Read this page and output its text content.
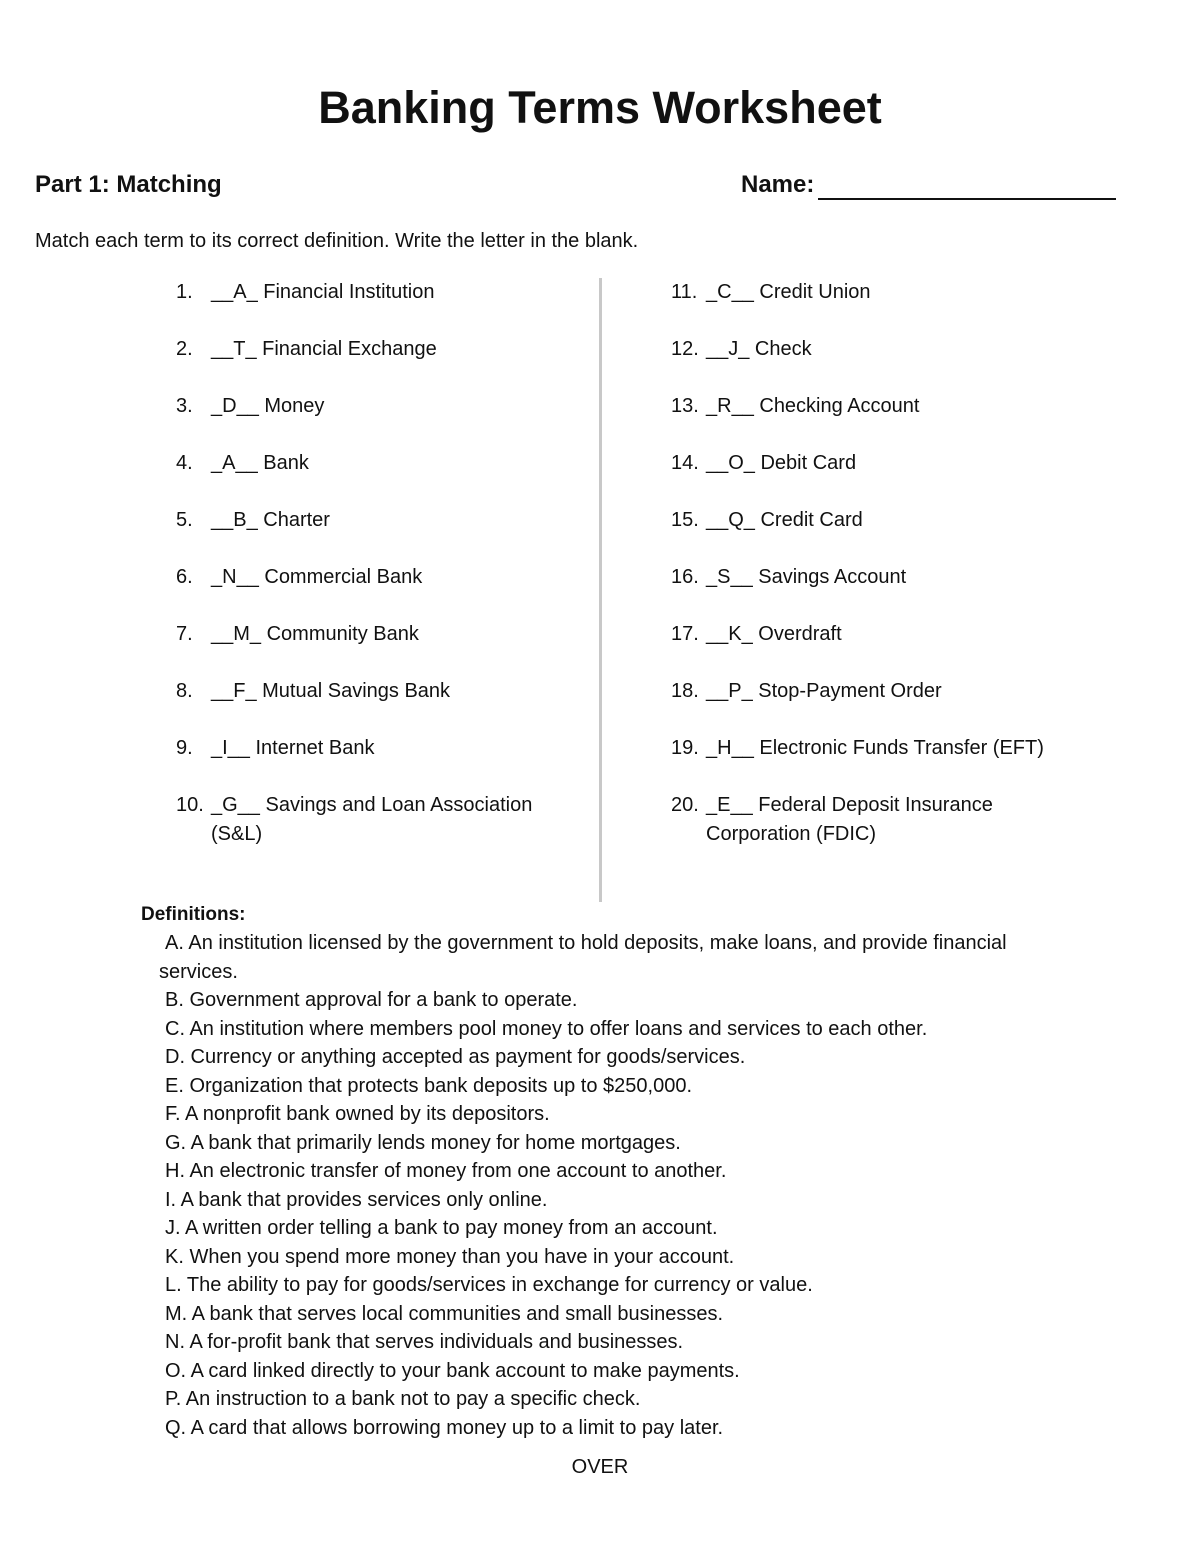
Banking Terms Worksheet
Part 1: Matching	Name:

Match each term to its correct definition. Write the letter in the blank.

1. __A_ Financial Institution
2. __T_ Financial Exchange
3. _D__ Money
4. _A__ Bank
5. __B_ Charter
6. _N__ Commercial Bank
7. __M_ Community Bank
8. __F_ Mutual Savings Bank
9. _I__ Internet Bank
10. _G__ Savings and Loan Association (S&L)
11. _C__ Credit Union
12. __J_ Check
13. _R__ Checking Account
14. __O_ Debit Card
15. __Q_ Credit Card
16. _S__ Savings Account
17. __K_ Overdraft
18. __P_ Stop-Payment Order
19. _H__ Electronic Funds Transfer (EFT)
20. _E__ Federal Deposit Insurance Corporation (FDIC)
Definitions:
A. An institution licensed by the government to hold deposits, make loans, and provide financial services.
B. Government approval for a bank to operate.
C. An institution where members pool money to offer loans and services to each other.
D. Currency or anything accepted as payment for goods/services.
E. Organization that protects bank deposits up to $250,000.
F. A nonprofit bank owned by its depositors.
G. A bank that primarily lends money for home mortgages.
H. An electronic transfer of money from one account to another.
I. A bank that provides services only online.
J. A written order telling a bank to pay money from an account.
K. When you spend more money than you have in your account.
L. The ability to pay for goods/services in exchange for currency or value.
M. A bank that serves local communities and small businesses.
N. A for-profit bank that serves individuals and businesses.
O. A card linked directly to your bank account to make payments.
P. An instruction to a bank not to pay a specific check.
Q. A card that allows borrowing money up to a limit to pay later.
OVER
